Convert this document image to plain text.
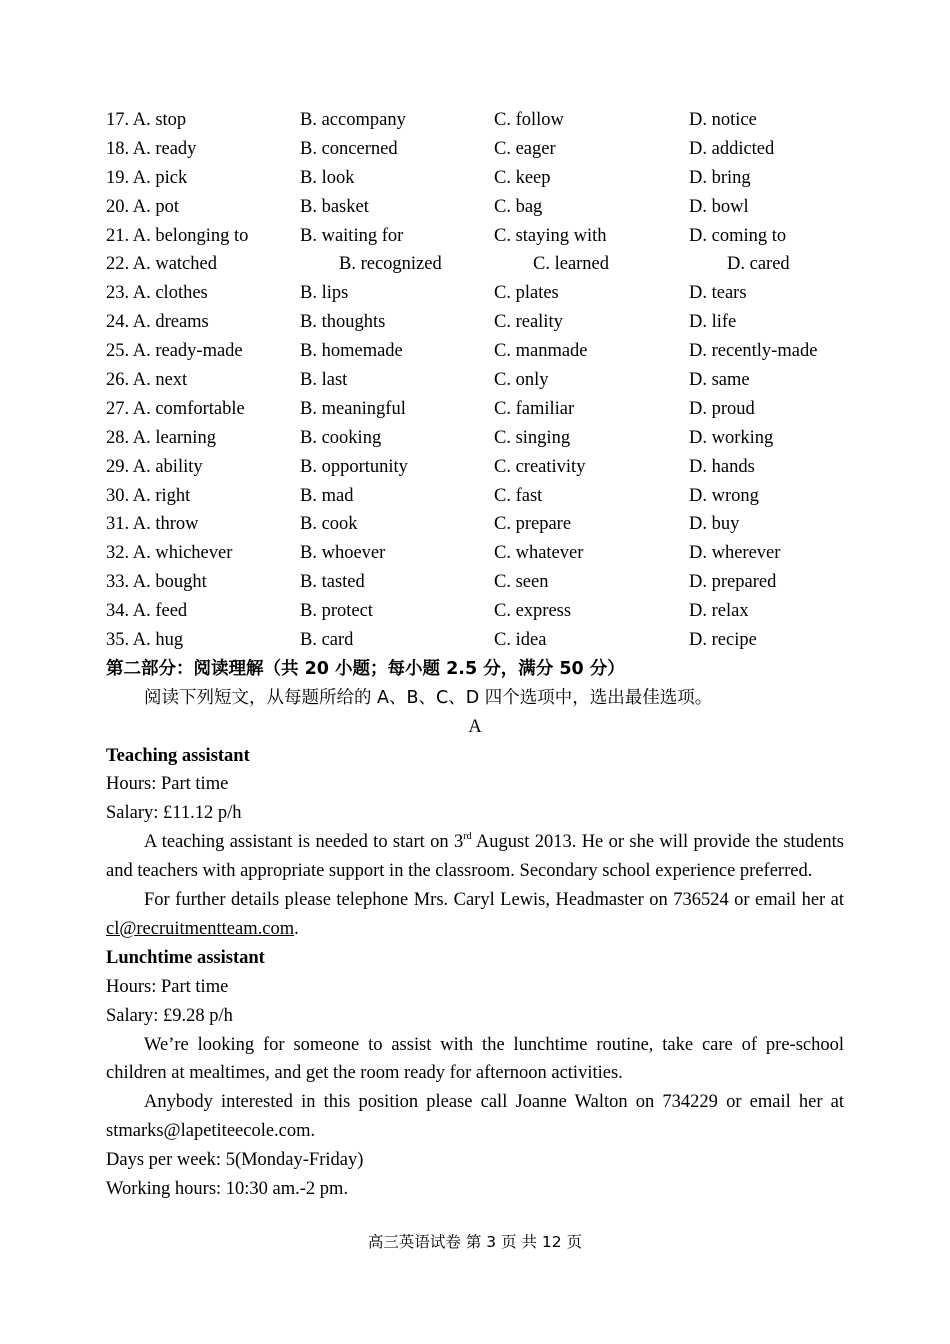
17. A. stop	B. accompany	C. follow	D. notice
18. A. ready	B. concerned	C. eager	D. addicted
19. A. pick	B. look	C. keep	D. bring
20. A. pot	B. basket	C. bag	D. bowl
21. A. belonging to	B. waiting for	C. staying with	D. coming to
22. A. watched	B. recognized	C. learned	D. cared
23. A. clothes	B. lips	C. plates	D. tears
24. A. dreams	B. thoughts	C. reality	D. life
25. A. ready-made	B. homemade	C. manmade	D. recently-made
26. A. next	B. last	C. only	D. same
27. A. comfortable	B. meaningful	C. familiar	D. proud
28. A. learning	B. cooking	C. singing	D. working
29. A. ability	B. opportunity	C. creativity	D. hands
30. A. right	B. mad	C. fast	D. wrong
31. A. throw	B. cook	C. prepare	D. buy
32. A. whichever	B. whoever	C. whatever	D. wherever
33. A. bought	B. tasted	C. seen	D. prepared
34. A. feed	B. protect	C. express	D. relax
35. A. hug	B. card	C. idea	D. recipe
第二部分：阅读理解（共 20 小题；每小题 2.5 分，满分 50 分）
阅读下列短文，从每题所给的 A、B、C、D 四个选项中，选出最佳选项。
A
Teaching assistant
Hours: Part time
Salary: £11.12 p/h
A teaching assistant is needed to start on 3rd August 2013. He or she will provide the students and teachers with appropriate support in the classroom. Secondary school experience preferred.
For further details please telephone Mrs. Caryl Lewis, Headmaster on 736524 or email her at cl@recruitmentteam.com.
Lunchtime assistant
Hours: Part time
Salary: £9.28 p/h
We’re looking for someone to assist with the lunchtime routine, take care of pre-school children at mealtimes, and get the room ready for afternoon activities.
Anybody interested in this position please call Joanne Walton on 734229 or email her at stmarks@lapetiteecole.com.
Days per week: 5(Monday-Friday)
Working hours: 10:30 am.-2 pm.
高三英语试卷 第 3 页 共 12 页
